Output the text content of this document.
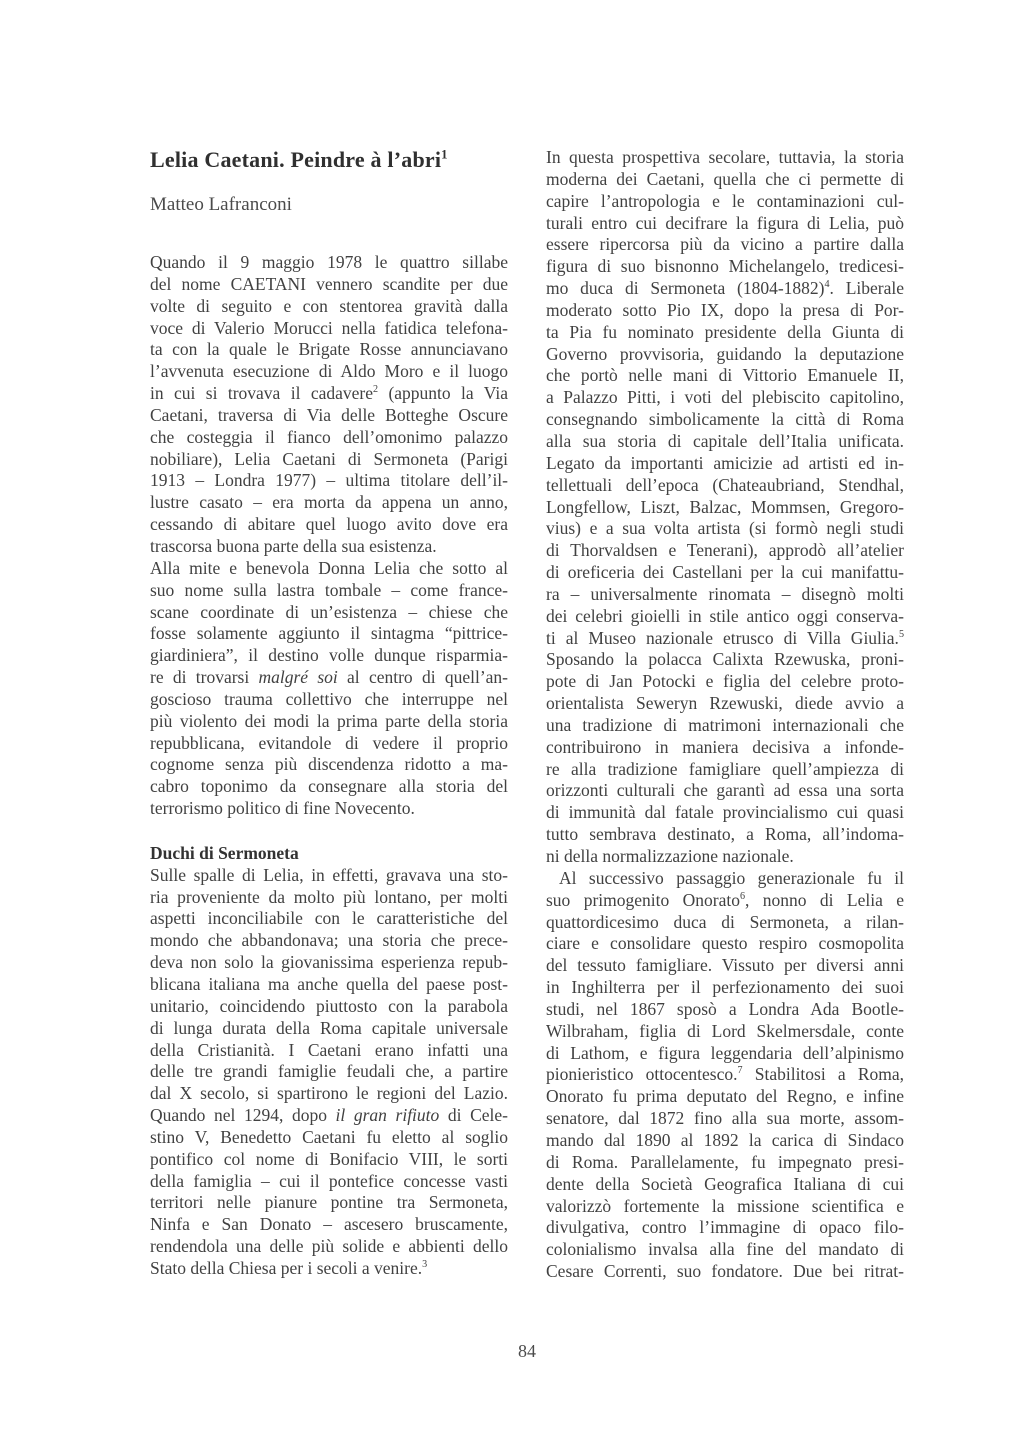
Lelia Caetani. Peindre à l’abri$^1$
Matteo Lafranconi
Quando il 9 maggio 1978 le quattro sillabe
del nome CAETANI vennero scandite per due
volte di seguito e con stentorea gravità dalla
voce di Valerio Morucci nella fatidica telefona-
ta con la quale le Brigate Rosse annunciavano
l’avvenuta esecuzione di Aldo Moro e il luogo
in cui si trovava il cadavere$^2$ (appunto la Via
Caetani, traversa di Via delle Botteghe Oscure
che costeggia il fianco dell’omonimo palazzo
nobiliare), Lelia Caetani di Sermoneta (Parigi
1913 – Londra 1977) – ultima titolare dell’il-
lustre casato – era morta da appena un anno,
cessando di abitare quel luogo avito dove era
trascorsa buona parte della sua esistenza.
Alla mite e benevola Donna Lelia che sotto al
suo nome sulla lastra tombale – come france-
scane coordinate di un’esistenza – chiese che
fosse solamente aggiunto il sintagma “pittrice-
giardiniera”, il destino volle dunque risparmia-
re di trovarsi malgré soi al centro di quell’an-
goscioso trauma collettivo che interruppe nel
più violento dei modi la prima parte della storia
repubblicana, evitandole di vedere il proprio
cognome senza più discendenza ridotto a ma-
cabro toponimo da consegnare alla storia del
terrorismo politico di fine Novecento.
Duchi di Sermoneta
Sulle spalle di Lelia, in effetti, gravava una sto-
ria proveniente da molto più lontano, per molti
aspetti inconciliabile con le caratteristiche del
mondo che abbandonava; una storia che prece-
deva non solo la giovanissima esperienza repub-
blicana italiana ma anche quella del paese post-
unitario, coincidendo piuttosto con la parabola
di lunga durata della Roma capitale universale
della Cristianità. I Caetani erano infatti una
delle tre grandi famiglie feudali che, a partire
dal X secolo, si spartirono le regioni del Lazio.
Quando nel 1294, dopo il gran rifiuto di Cele-
stino V, Benedetto Caetani fu eletto al soglio
pontifico col nome di Bonifacio VIII, le sorti
della famiglia – cui il pontefice concesse vasti
territori nelle pianure pontine tra Sermoneta,
Ninfa e San Donato – ascesero bruscamente,
rendendola una delle più solide e abbienti dello
Stato della Chiesa per i secoli a venire.$^3$
In questa prospettiva secolare, tuttavia, la storia
moderna dei Caetani, quella che ci permette di
capire l’antropologia e le contaminazioni cul-
turali entro cui decifrare la figura di Lelia, può
essere ripercorsa più da vicino a partire dalla
figura di suo bisnonno Michelangelo, tredicesi-
mo duca di Sermoneta (1804-1882)$^4$. Liberale
moderato sotto Pio IX, dopo la presa di Por-
ta Pia fu nominato presidente della Giunta di
Governo provvisoria, guidando la deputazione
che portò nelle mani di Vittorio Emanuele II,
a Palazzo Pitti, i voti del plebiscito capitolino,
consegnando simbolicamente la città di Roma
alla sua storia di capitale dell’Italia unificata.
Legato da importanti amicizie ad artisti ed in-
tellettuali dell’epoca (Chateaubriand, Stendhal,
Longfellow, Liszt, Balzac, Mommsen, Gregoro-
vius) e a sua volta artista (si formò negli studi
di Thorvaldsen e Tenerani), approdò all’atelier
di oreficeria dei Castellani per la cui manifattu-
ra – universalmente rinomata – disegnò molti
dei celebri gioielli in stile antico oggi conserva-
ti al Museo nazionale etrusco di Villa Giulia.$^5$
Sposando la polacca Calixta Rzewuska, proni-
pote di Jan Potocki e figlia del celebre proto-
orientalista Seweryn Rzewuski, diede avvio a
una tradizione di matrimoni internazionali che
contribuirono in maniera decisiva a infonde-
re alla tradizione famigliare quell’ampiezza di
orizzonti culturali che garantì ad essa una sorta
di immunità dal fatale provincialismo cui quasi
tutto sembrava destinato, a Roma, all’indoma-
ni della normalizzazione nazionale.
Al successivo passaggio generazionale fu il
suo primogenito Onorato$^6$, nonno di Lelia e
quattordicesimo duca di Sermoneta, a rilan-
ciare e consolidare questo respiro cosmopolita
del tessuto famigliare. Vissuto per diversi anni
in Inghilterra per il perfezionamento dei suoi
studi, nel 1867 sposò a Londra Ada Bootle-
Wilbraham, figlia di Lord Skelmersdale, conte
di Lathom, e figura leggendaria dell’alpinismo
pionieristico ottocentesco.$^7$ Stabilitosi a Roma,
Onorato fu prima deputato del Regno, e infine
senatore, dal 1872 fino alla sua morte, assom-
mando dal 1890 al 1892 la carica di Sindaco
di Roma. Parallelamente, fu impegnato presi-
dente della Società Geografica Italiana di cui
valorizzò fortemente la missione scientifica e
divulgativa, contro l’immagine di opaco filo-
colonialismo invalsa alla fine del mandato di
Cesare Correnti, suo fondatore. Due bei ritrat-
84
